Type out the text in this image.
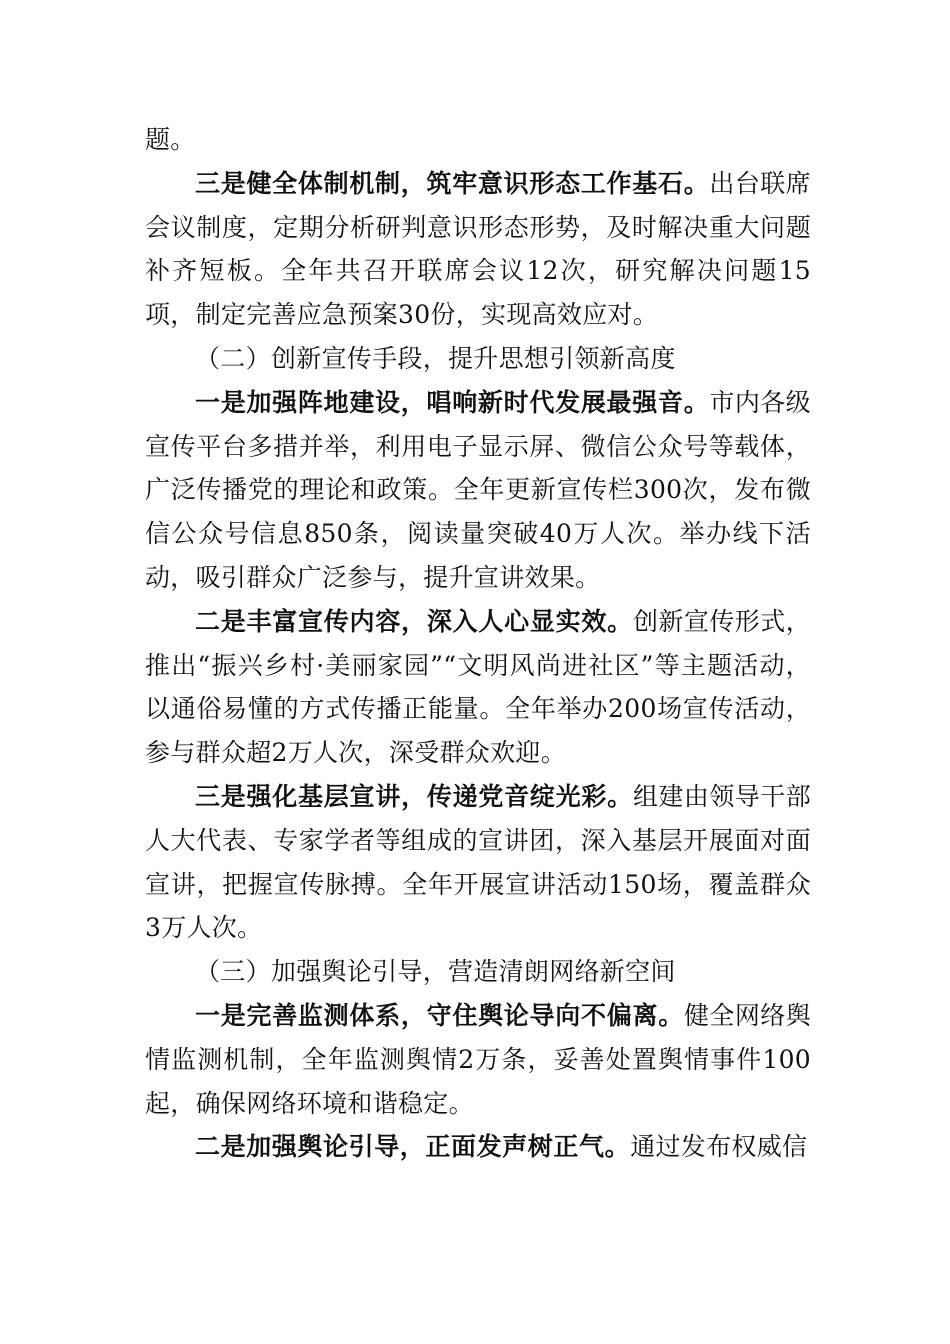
题。

三是健全体制机制，筑牢意识形态工作基石。出台联席会议制度，定期分析研判意识形态形势，及时解决重大问题补齐短板。全年共召开联席会议12次，研究解决问题15项，制定完善应急预案30份，实现高效应对。

（二）创新宣传手段，提升思想引领新高度

一是加强阵地建设，唱响新时代发展最强音。市内各级宣传平台多措并举，利用电子显示屏、微信公众号等载体，广泛传播党的理论和政策。全年更新宣传栏300次，发布微信公众号信息850条，阅读量突破40万人次。举办线下活动，吸引群众广泛参与，提升宣讲效果。

二是丰富宣传内容，深入人心显实效。创新宣传形式，推出“振兴乡村·美丽家园”“文明风尚进社区”等主题活动，以通俗易懂的方式传播正能量。全年举办200场宣传活动，参与群众超2万人次，深受群众欢迎。

三是强化基层宣讲，传递党音绽光彩。组建由领导干部人大代表、专家学者等组成的宣讲团，深入基层开展面对面宣讲，把握宣传脉搏。全年开展宣讲活动150场，覆盖群众3万人次。

（三）加强舆论引导，营造清朗网络新空间

一是完善监测体系，守住舆论导向不偏离。健全网络舆情监测机制，全年监测舆情2万条，妥善处置舆情事件100起，确保网络环境和谐稳定。

二是加强舆论引导，正面发声树正气。通过发布权威信
